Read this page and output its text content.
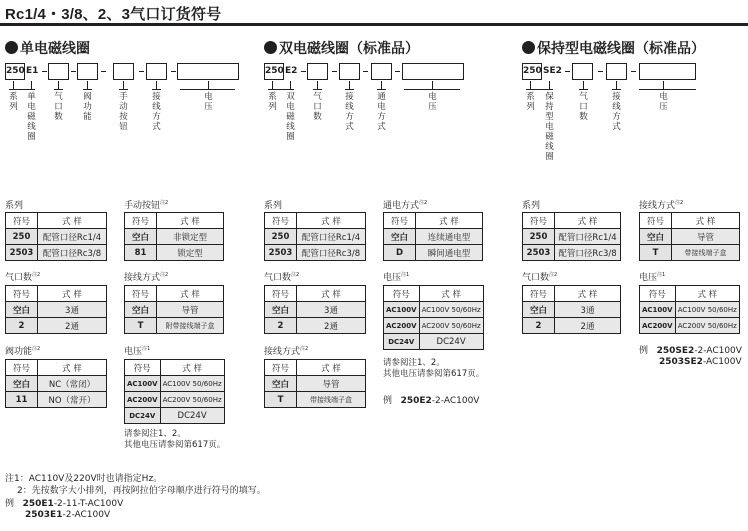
Rc1/4・3/8、2、3气口订货符号
单电磁线圈
250 E1
系列
单电磁线圈
气口数
阀功能
手动按钮
接线方式
电压
系列
符号	式 样
250	配管口径Rc1/4
2503	配管口径Rc3/8
气口数$^{注2}$
符号	式 样
空白	3通
2	2通
阀功能$^{注2}$
符号	式 样
空白	NC（常闭）
11	NO（常开）
手动按钮$^{注2}$
符号	式 样
空白	非锁定型
81	锁定型
接线方式$^{注2}$
符号	式 样
空白	导管
T	附带接线端子盒
电压$^{注1}$
符号	式 样
AC100V	AC100V 50/60Hz
AC200V	AC200V 50/60Hz
DC24V	DC24V
请参阅注1、2。
其他电压请参阅第617页。
双电磁线圈（标准品）
250 E2
系列
双电磁线圈
气口数
接线方式
通电方式
电压
系列
符号	式 样
250	配管口径Rc1/4
2503	配管口径Rc3/8
气口数$^{注2}$
符号	式 样
空白	3通
2	2通
接线方式$^{注2}$
符号	式 样
空白	导管
T	带接线端子盒
通电方式$^{注2}$
符号	式 样
空白	连续通电型
D	瞬间通电型
电压$^{注1}$
符号	式 样
AC100V	AC100V 50/60Hz
AC200V	AC200V 50/60Hz
DC24V	DC24V
请参阅注1、2。
其他电压请参阅第617页。
例 250E2-2-AC100V
保持型电磁线圈（标准品）
250 SE2
系列
保持型电磁线圈
气口数
接线方式
电压
系列
符号	式 样
250	配管口径Rc1/4
2503	配管口径Rc3/8
气口数$^{注2}$
符号	式 样
空白	3通
2	2通
接线方式$^{注2}$
符号	式 样
空白	导管
T	带接线端子盒
电压$^{注1}$
符号	式 样
AC100V	AC100V 50/60Hz
AC200V	AC200V 50/60Hz
例 250SE2-2-AC100V
2503SE2-AC100V
注1：AC110V及220V时也请指定Hz。
2：先按数字大小排列，再按阿拉伯字母顺序进行符号的填写。
例 250E1-2-11-T-AC100V
2503E1-2-AC100V
